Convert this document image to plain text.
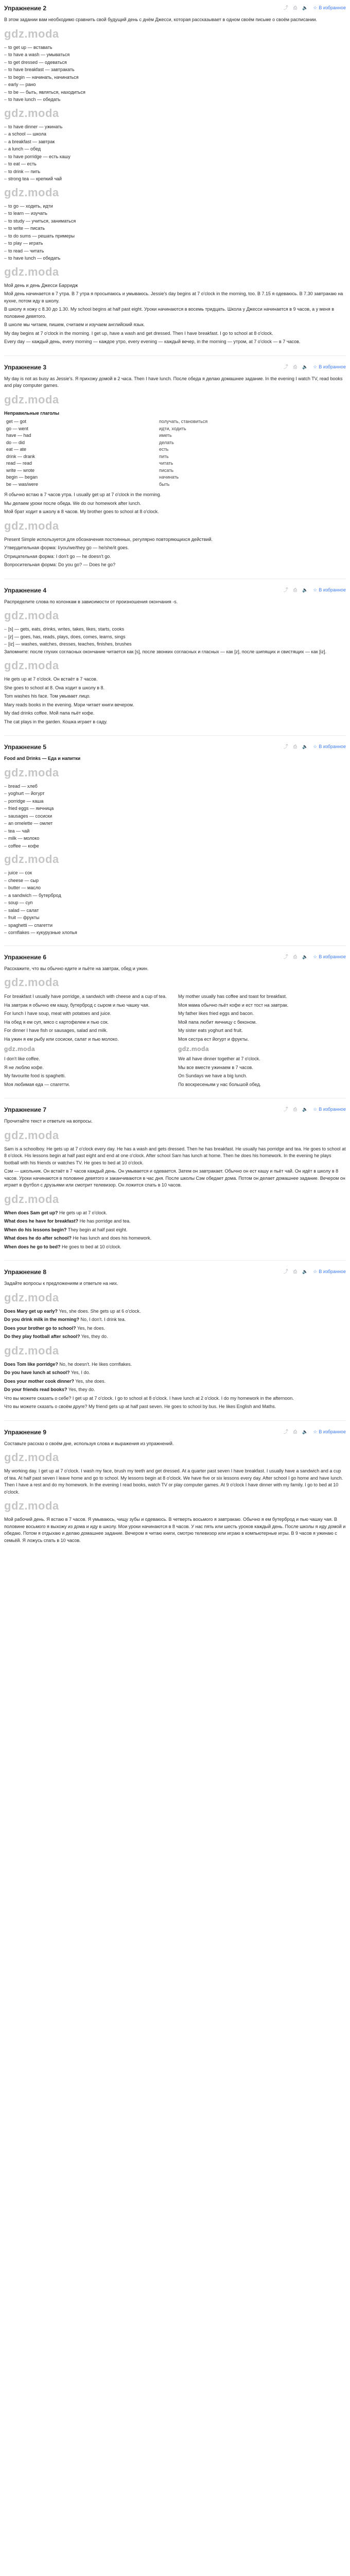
Упражнение 2	⤴ ⎙ 🔈 ☆ В избранное
В этом задании вам необходимо сравнить свой будущий день с днём Джесси, которая рассказывает в одном своём письме о своём расписании.
gdz.moda
– to get up — вставать
– to have a wash — умываться
– to get dressed — одеваться
– to have breakfast — завтракать
– to begin — начинать, начинаться
– early — рано
– to be — быть, являться, находиться
– to have lunch — обедать
gdz.moda
– to have dinner — ужинать
– a school — школа
– a breakfast — завтрак
– a lunch — обед
– to have porridge — есть кашу
– to eat — есть
– to drink — пить
– strong tea — крепкий чай
gdz.moda
– to go — ходить, идти
– to learn — изучать
– to study — учиться, заниматься
– to write — писать
– to do sums — решать примеры
– to play — играть
– to read — читать
– to have lunch — обедать
gdz.moda
Мой день и день Джесси Барридж
Мой день начинается в 7 утра. В 7 утра я просыпаюсь и умываюсь. Jessie's day begins at 7 o'clock in the morning, too. В 7.15 я одеваюсь. В 7.30 завтракаю на кухне, потом иду в школу.
В школу я хожу с 8.30 до 1.30. My school begins at half past eight. Уроки начинаются в восемь тридцать. Школа у Джесси начинается в 9 часов, а у меня в половине девятого.
В школе мы читаем, пишем, считаем и изучаем английский язык.
My day begins at 7 o'clock in the morning. I get up, have a wash and get dressed. Then I have breakfast. I go to school at 8 o'clock.
Every day — каждый день, every morning — каждое утро, every evening — каждый вечер, in the morning — утром, at 7 o'clock — в 7 часов.
Упражнение 3	⤴ ⎙ 🔈 ☆ В избранное
My day is not as busy as Jessie's. Я прихожу домой в 2 часа. Then I have lunch. После обеда я делаю домашнее задание. In the evening I watch TV, read books and play computer games.
gdz.moda
Неправильные глаголы
get — got	получать, становиться
go — went	идти, ходить
have — had	иметь
do — did	делать
eat — ate	есть
drink — drank	пить
read — read	читать
write — wrote	писать
begin — began	начинать
be — was/were	быть
Я обычно встаю в 7 часов утра. I usually get up at 7 o'clock in the morning.
Мы делаем уроки после обеда. We do our homework after lunch.
Мой брат ходит в школу в 8 часов. My brother goes to school at 8 o'clock.
gdz.moda
Present Simple используется для обозначения постоянных, регулярно повторяющихся действий.
Утвердительная форма: I/you/we/they go — he/she/it goes.
Отрицательная форма: I don't go — he doesn't go.
Вопросительная форма: Do you go? — Does he go?
Упражнение 4	⤴ ⎙ 🔈 ☆ В избранное
Распределите слова по колонкам в зависимости от произношения окончания -s.
gdz.moda
– [s] — gets, eats, drinks, writes, takes, likes, starts, cooks
– [z] — goes, has, reads, plays, does, comes, learns, sings
– [iz] — washes, watches, dresses, teaches, finishes, brushes
Запомните: после глухих согласных окончание читается как [s], после звонких согласных и гласных — как [z], после шипящих и свистящих — как [iz].
gdz.moda
He gets up at 7 o'clock. Он встаёт в 7 часов.
She goes to school at 8. Она ходит в школу в 8.
Tom washes his face. Том умывает лицо.
Mary reads books in the evening. Мэри читает книги вечером.
My dad drinks coffee. Мой папа пьёт кофе.
The cat plays in the garden. Кошка играет в саду.
Упражнение 5	⤴ ⎙ 🔈 ☆ В избранное
Food and Drinks — Еда и напитки
gdz.moda
– bread — хлеб
– yoghurt — йогурт
– porridge — каша
– fried eggs — яичница
– sausages — сосиски
– an omelette — омлет
– tea — чай
– milk — молоко
– coffee — кофе
gdz.moda
– juice — сок
– cheese — сыр
– butter — масло
– a sandwich — бутерброд
– soup — суп
– salad — салат
– fruit — фрукты
– spaghetti — спагетти
– cornflakes — кукурузные хлопья
Упражнение 6	⤴ ⎙ 🔈 ☆ В избранное
Расскажите, что вы обычно едите и пьёте на завтрак, обед и ужин.
gdz.moda
For breakfast I usually have porridge, a sandwich with cheese and a cup of tea.
На завтрак я обычно ем кашу, бутерброд с сыром и пью чашку чая.
For lunch I have soup, meat with potatoes and juice.
На обед я ем суп, мясо с картофелем и пью сок.
For dinner I have fish or sausages, salad and milk.
На ужин я ем рыбу или сосиски, салат и пью молоко.
gdz.moda
I don't like coffee.
Я не люблю кофе.
My favourite food is spaghetti.
Моя любимая еда — спагетти.
My mother usually has coffee and toast for breakfast.
Моя мама обычно пьёт кофе и ест тост на завтрак.
My father likes fried eggs and bacon.
Мой папа любит яичницу с беконом.
My sister eats yoghurt and fruit.
Моя сестра ест йогурт и фрукты.
gdz.moda
We all have dinner together at 7 o'clock.
Мы все вместе ужинаем в 7 часов.
On Sundays we have a big lunch.
По воскресеньям у нас большой обед.
Упражнение 7	⤴ ⎙ 🔈 ☆ В избранное
Прочитайте текст и ответьте на вопросы.
gdz.moda
Sam is a schoolboy. He gets up at 7 o'clock every day. He has a wash and gets dressed. Then he has breakfast. He usually has porridge and tea. He goes to school at 8 o'clock. His lessons begin at half past eight and end at one o'clock. After school Sam has lunch at home. Then he does his homework. In the evening he plays football with his friends or watches TV. He goes to bed at 10 o'clock.
Сэм — школьник. Он встаёт в 7 часов каждый день. Он умывается и одевается. Затем он завтракает. Обычно он ест кашу и пьёт чай. Он идёт в школу в 8 часов. Уроки начинаются в половине девятого и заканчиваются в час дня. После школы Сэм обедает дома. Потом он делает домашнее задание. Вечером он играет в футбол с друзьями или смотрит телевизор. Он ложится спать в 10 часов.
gdz.moda
When does Sam get up? He gets up at 7 o'clock.
What does he have for breakfast? He has porridge and tea.
When do his lessons begin? They begin at half past eight.
What does he do after school? He has lunch and does his homework.
When does he go to bed? He goes to bed at 10 o'clock.
Упражнение 8	⤴ ⎙ 🔈 ☆ В избранное
Задайте вопросы к предложениям и ответьте на них.
gdz.moda
Does Mary get up early? Yes, she does. She gets up at 6 o'clock.
Do you drink milk in the morning? No, I don't. I drink tea.
Does your brother go to school? Yes, he does.
Do they play football after school? Yes, they do.
gdz.moda
Does Tom like porridge? No, he doesn't. He likes cornflakes.
Do you have lunch at school? Yes, I do.
Does your mother cook dinner? Yes, she does.
Do your friends read books? Yes, they do.
Что вы можете сказать о себе? I get up at 7 o'clock. I go to school at 8 o'clock. I have lunch at 2 o'clock. I do my homework in the afternoon.
Что вы можете сказать о своём друге? My friend gets up at half past seven. He goes to school by bus. He likes English and Maths.
Упражнение 9	⤴ ⎙ 🔈 ☆ В избранное
Составьте рассказ о своём дне, используя слова и выражения из упражнений.
gdz.moda
My working day. I get up at 7 o'clock. I wash my face, brush my teeth and get dressed. At a quarter past seven I have breakfast. I usually have a sandwich and a cup of tea. At half past seven I leave home and go to school. My lessons begin at 8 o'clock. We have five or six lessons every day. After school I go home and have lunch. Then I have a rest and do my homework. In the evening I read books, watch TV or play computer games. At 9 o'clock I have dinner with my family. I go to bed at 10 o'clock.
gdz.moda
Мой рабочий день. Я встаю в 7 часов. Я умываюсь, чищу зубы и одеваюсь. В четверть восьмого я завтракаю. Обычно я ем бутерброд и пью чашку чая. В половине восьмого я выхожу из дома и иду в школу. Мои уроки начинаются в 8 часов. У нас пять или шесть уроков каждый день. После школы я иду домой и обедаю. Потом я отдыхаю и делаю домашнее задание. Вечером я читаю книги, смотрю телевизор или играю в компьютерные игры. В 9 часов я ужинаю с семьёй. Я ложусь спать в 10 часов.
